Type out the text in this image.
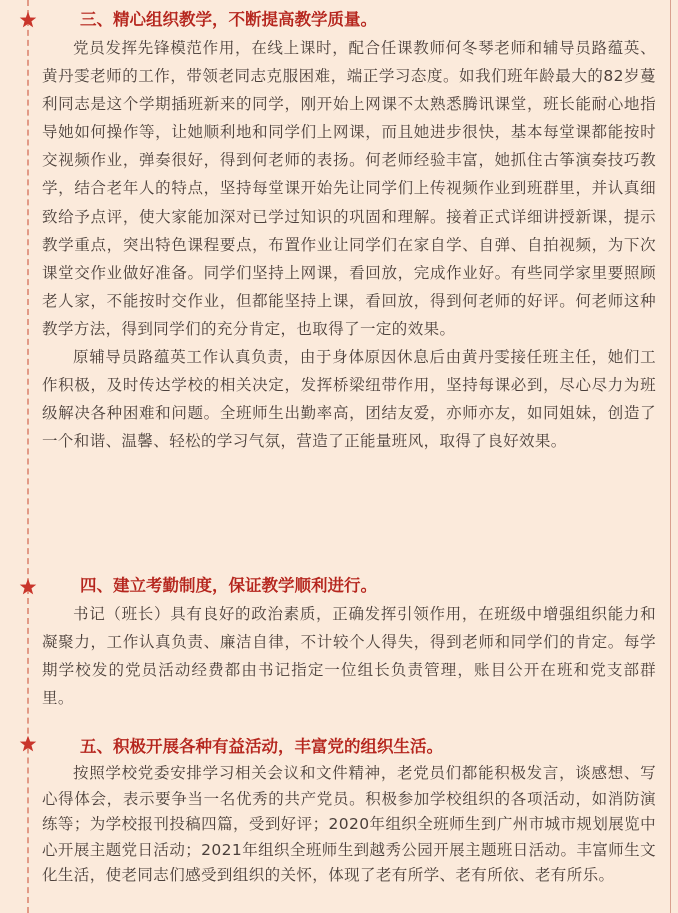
三、精心组织教学，不断提高教学质量。

党员发挥先锋模范作用，在线上课时，配合任课教师何冬琴老师和辅导员路蕴英、黄丹雯老师的工作，带领老同志克服困难，端正学习态度。如我们班年龄最大的82岁蔓利同志是这个学期插班新来的同学，刚开始上网课不太熟悉腾讯课堂，班长能耐心地指导她如何操作等，让她顺利地和同学们上网课，而且她进步很快，基本每堂课都能按时交视频作业，弹奏很好，得到何老师的表扬。何老师经验丰富，她抓住古筝演奏技巧教学，结合老年人的特点，坚持每堂课开始先让同学们上传视频作业到班群里，并认真细致给予点评，使大家能加深对已学过知识的巩固和理解。接着正式详细讲授新课，提示教学重点，突出特色课程要点，布置作业让同学们在家自学、自弹、自拍视频，为下次课堂交作业做好准备。同学们坚持上网课，看回放，完成作业好。有些同学家里要照顾老人家，不能按时交作业，但都能坚持上课，看回放，得到何老师的好评。何老师这种教学方法，得到同学们的充分肯定，也取得了一定的效果。

原辅导员路蕴英工作认真负责，由于身体原因休息后由黄丹雯接任班主任，她们工作积极，及时传达学校的相关决定，发挥桥梁纽带作用，坚持每课必到，尽心尽力为班级解决各种困难和问题。全班师生出勤率高，团结友爱，亦师亦友，如同姐妹，创造了一个和谐、温馨、轻松的学习气氛，营造了正能量班风，取得了良好效果。

四、建立考勤制度，保证教学顺利进行。

书记（班长）具有良好的政治素质，正确发挥引领作用，在班级中增强组织能力和凝聚力，工作认真负责、廉洁自律，不计较个人得失，得到老师和同学们的肯定。每学期学校发的党员活动经费都由书记指定一位组长负责管理，账目公开在班和党支部群里。

五、积极开展各种有益活动，丰富党的组织生活。

按照学校党委安排学习相关会议和文件精神，老党员们都能积极发言，谈感想、写心得体会，表示要争当一名优秀的共产党员。积极参加学校组织的各项活动，如消防演练等；为学校报刊投稿四篇，受到好评；2020年组织全班师生到广州市城市规划展览中心开展主题党日活动；2021年组织全班师生到越秀公园开展主题班日活动。丰富师生文化生活，使老同志们感受到组织的关怀，体现了老有所学、老有所依、老有所乐。
